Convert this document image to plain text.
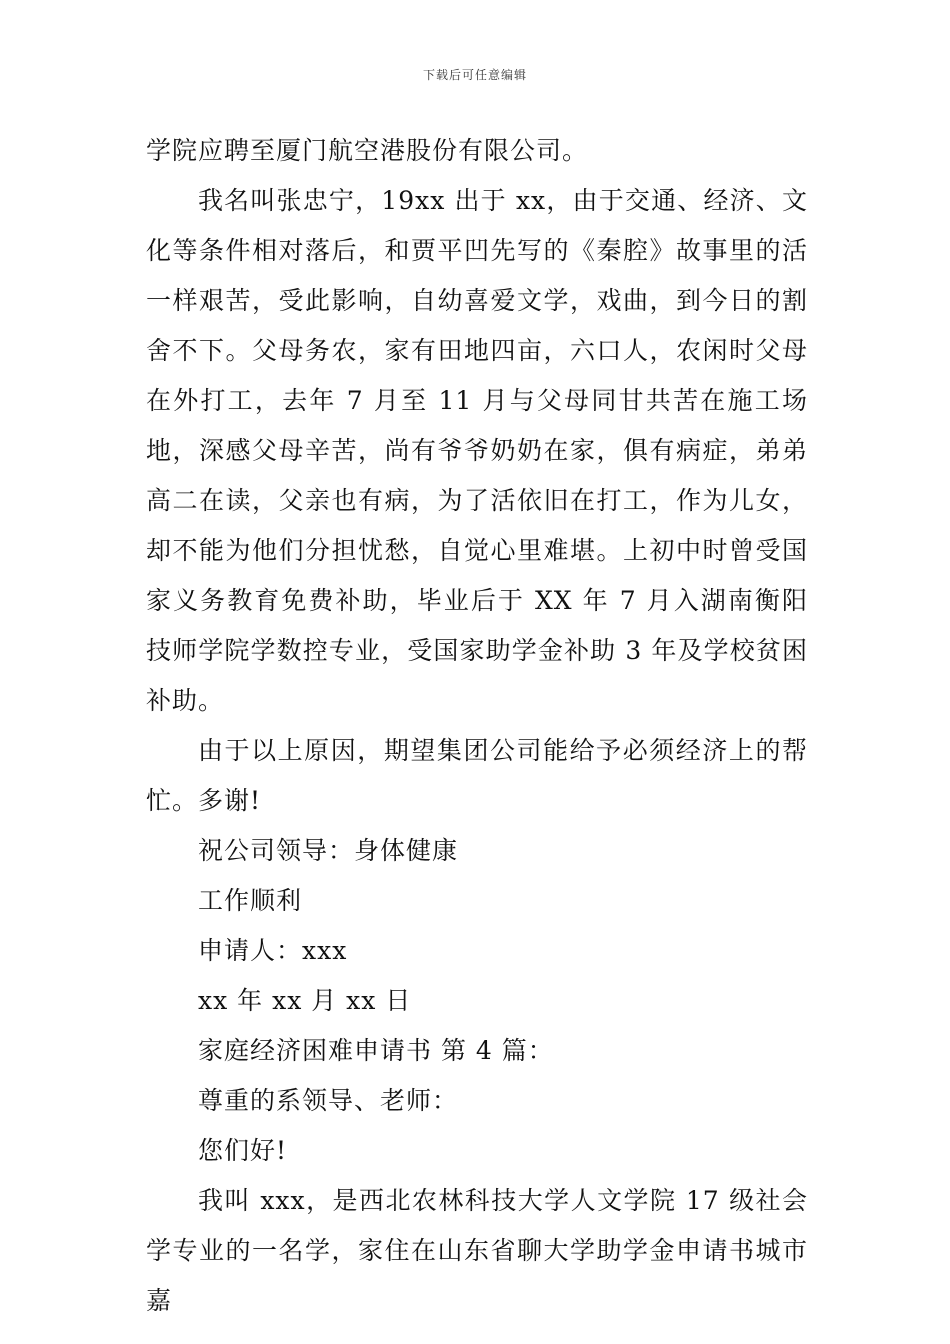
下载后可任意编辑

学院应聘至厦门航空港股份有限公司。

我名叫张忠宁，19xx 出于 xx，由于交通、经济、文化等条件相对落后，和贾平凹先写的《秦腔》故事里的活一样艰苦，受此影响，自幼喜爱文学，戏曲，到今日的割舍不下。父母务农，家有田地四亩，六口人，农闲时父母在外打工，去年 7 月至 11 月与父母同甘共苦在施工场地，深感父母辛苦，尚有爷爷奶奶在家，俱有病症，弟弟高二在读，父亲也有病，为了活依旧在打工，作为儿女，却不能为他们分担忧愁，自觉心里难堪。上初中时曾受国家义务教育免费补助，毕业后于 XX 年 7 月入湖南衡阳技师学院学数控专业，受国家助学金补助 3 年及学校贫困补助。

由于以上原因，期望集团公司能给予必须经济上的帮忙。多谢!

祝公司领导：身体健康

工作顺利

申请人：xxx

xx 年 xx 月 xx 日

家庭经济困难申请书 第 4 篇：

尊重的系领导、老师：

您们好!

我叫 xxx，是西北农林科技大学人文学院 17 级社会学专业的一名学，家住在山东省聊大学助学金申请书城市嘉
